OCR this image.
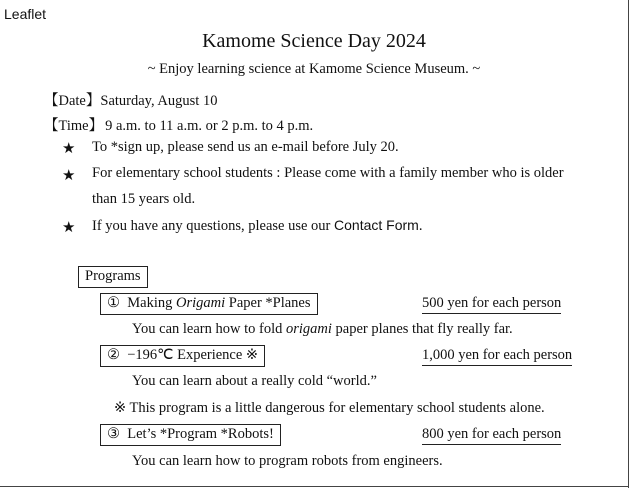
Leaflet
Kamome Science Day 2024
~ Enjoy learning science at Kamome Science Museum. ~
【Date】Saturday, August 10
【Time】 9 a.m. to 11 a.m. or 2 p.m. to 4 p.m.
★ To *sign up, please send us an e-mail before July 20.
★ For elementary school students : Please come with a family member who is older
than 15 years old.
★ If you have any questions, please use our Contact Form.
Programs
① Making Origami Paper *Planes	500 yen for each person
You can learn how to fold origami paper planes that fly really far.
② −196℃ Experience ※	1,000 yen for each person
You can learn about a really cold “world.”
※ This program is a little dangerous for elementary school students alone.
③ Let’s *Program *Robots!	800 yen for each person
You can learn how to program robots from engineers.
